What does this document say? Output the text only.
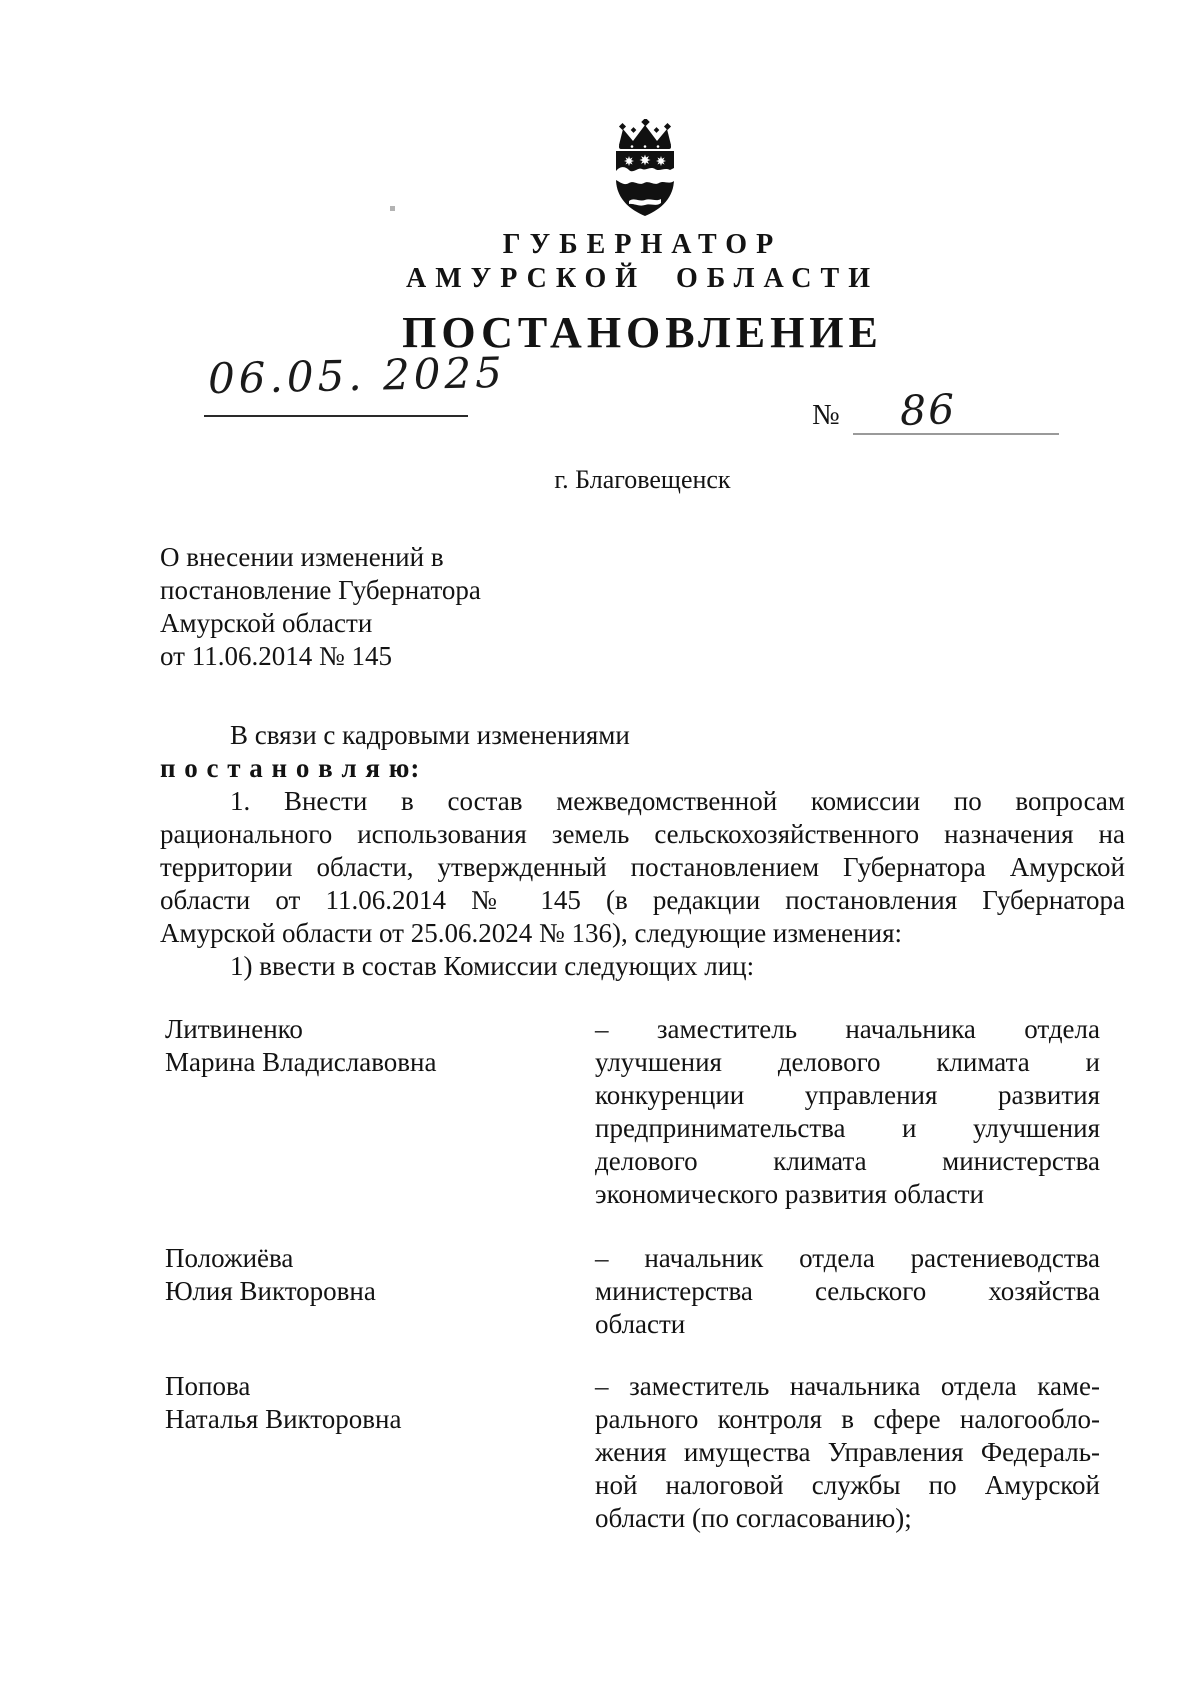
ГУБЕРНАТОР
АМУРСКОЙ ОБЛАСТИ
ПОСТАНОВЛЕНИЕ
06.05. 2025
№ 86
г. Благовещенск
О внесении изменений в
постановление Губернатора
Амурской области
от 11.06.2014 № 145
В связи с кадровыми изменениями
п о с т а н о в л я ю:
1. Внести в состав межведомственной комиссии по вопросам
рационального использования земель сельскохозяйственного назначения на
территории области, утвержденный постановлением Губернатора Амурской
области от 11.06.2014 № 145 (в редакции постановления Губернатора
Амурской области от 25.06.2024 № 136), следующие изменения:
1) ввести в состав Комиссии следующих лиц:
Литвиненко
Марина Владиславовна
– заместитель начальника отдела
улучшения делового климата и
конкуренции управления развития
предпринимательства и улучшения
делового климата министерства
экономического развития области
Положиёва
Юлия Викторовна
– начальник отдела растениеводства
министерства сельского хозяйства
области
Попова
Наталья Викторовна
– заместитель начальника отдела каме-
рального контроля в сфере налогообло-
жения имущества Управления Федераль-
ной налоговой службы по Амурской
области (по согласованию);
